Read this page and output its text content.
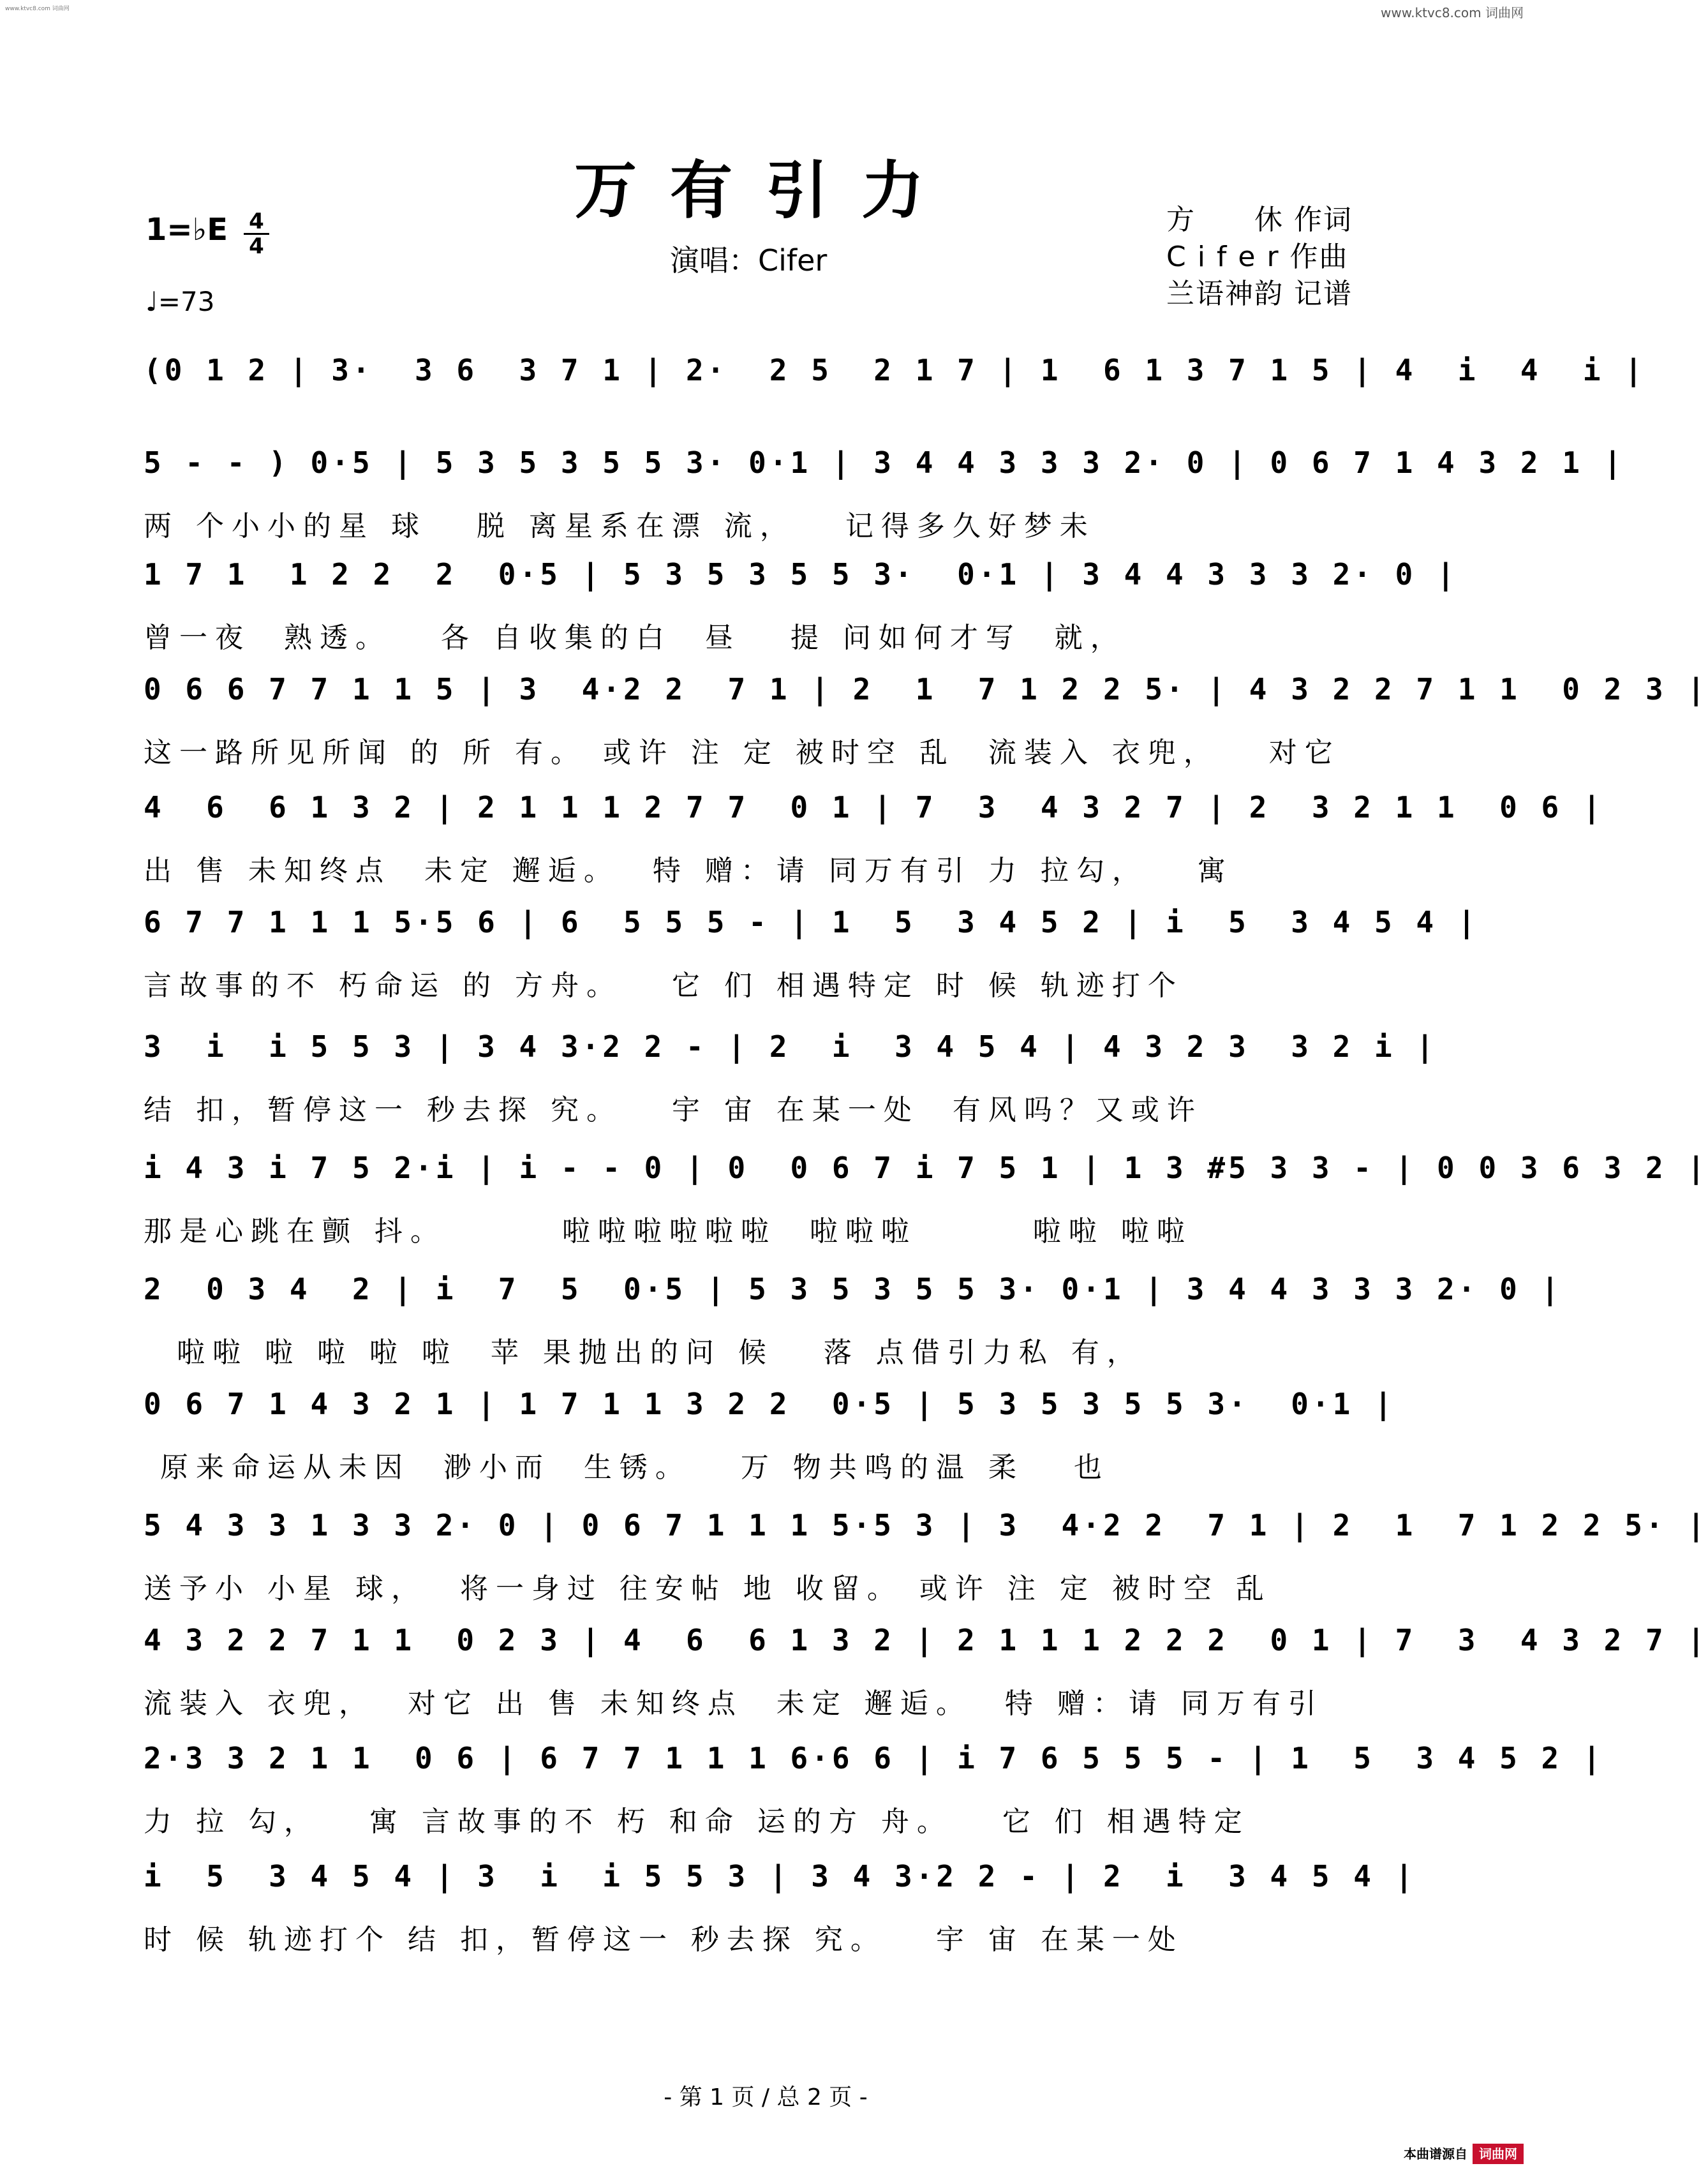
www.ktvc8.com 词曲网	www.ktvc8.com 词曲网
万有引力
演唱：Cifer
1=♭E 4
4
♩=73
方　　休 作词
C i f e r 作曲
兰语神韵 记谱
(0 1 2 | 3·  3 6  3 7 1 | 2·  2 5  2 1 7 | 1  6 1 3 7 1 5 | 4  i  4  i |
5 - - ) 0·5 | 5 3 5 3 5 5 3· 0·1 | 3 4 4 3 3 3 2· 0 | 0 6 7 1 4 3 2 1 |
两 个小小的星 球   脱 离星系在漂 流，   记得多久好梦未
1 7 1  1 2 2  2  0·5 | 5 3 5 3 5 5 3·  0·1 | 3 4 4 3 3 3 2· 0 |
曾一夜  熟透。   各 自收集的白  昼   提 问如何才写  就，
0 6 6 7 7 1 1 5 | 3  4·2 2  7 1 | 2  1  7 1 2 2 5· | 4 3 2 2 7 1 1  0 2 3 |
这一路所见所闻 的 所 有。 或许 注 定 被时空 乱  流装入 衣兜，   对它
4  6  6 1 3 2 | 2 1 1 1 2 7 7  0 1 | 7  3  4 3 2 7 | 2  3 2 1 1  0 6 |
出 售 未知终点  未定 邂逅。  特 赠：请 同万有引 力 拉勾，   寓
6 7 7 1 1 1 5·5 6 | 6  5 5 5 - | 1  5  3 4 5 2 | i  5  3 4 5 4 |
言故事的不 朽命运 的 方舟。   它 们 相遇特定 时 候 轨迹打个
3  i  i 5 5 3 | 3 4 3·2 2 - | 2  i  3 4 5 4 | 4 3 2 3  3 2 i |
结 扣，暂停这一 秒去探 究。   宇 宙 在某一处  有风吗？又或许
i 4 3 i 7 5 2·i | i - - 0 | 0  0 6 7 i 7 5 1 | 1 3 #5 3 3 - | 0 0 3 6 3 2 |
那是心跳在颤 抖。       啦啦啦啦啦啦  啦啦啦       啦啦 啦啦
2  0 3 4  2 | i  7  5  0·5 | 5 3 5 3 5 5 3· 0·1 | 3 4 4 3 3 3 2· 0 |
啦啦 啦 啦 啦 啦  苹 果抛出的问 候   落 点借引力私 有，
0 6 7 1 4 3 2 1 | 1 7 1 1 3 2 2  0·5 | 5 3 5 3 5 5 3·  0·1 |
原来命运从未因  渺小而  生锈。   万 物共鸣的温 柔   也
5 4 3 3 1 3 3 2· 0 | 0 6 7 1 1 1 5·5 3 | 3  4·2 2  7 1 | 2  1  7 1 2 2 5· |
送予小 小星 球，  将一身过 往安帖 地 收留。 或许 注 定 被时空 乱
4 3 2 2 7 1 1  0 2 3 | 4  6  6 1 3 2 | 2 1 1 1 2 2 2  0 1 | 7  3  4 3 2 7 |
流装入 衣兜，  对它 出 售 未知终点  未定 邂逅。  特 赠：请 同万有引
2·3 3 2 1 1  0 6 | 6 7 7 1 1 1 6·6 6 | i 7 6 5 5 5 - | 1  5  3 4 5 2 |
力 拉 勾，   寓 言故事的不 朽 和命 运的方 舟。   它 们 相遇特定
i  5  3 4 5 4 | 3  i  i 5 5 3 | 3 4 3·2 2 - | 2  i  3 4 5 4 |
时 候 轨迹打个 结 扣，暂停这一 秒去探 究。   宇 宙 在某一处
- 第 1 页 / 总 2 页 -
本曲谱源自 词曲网
